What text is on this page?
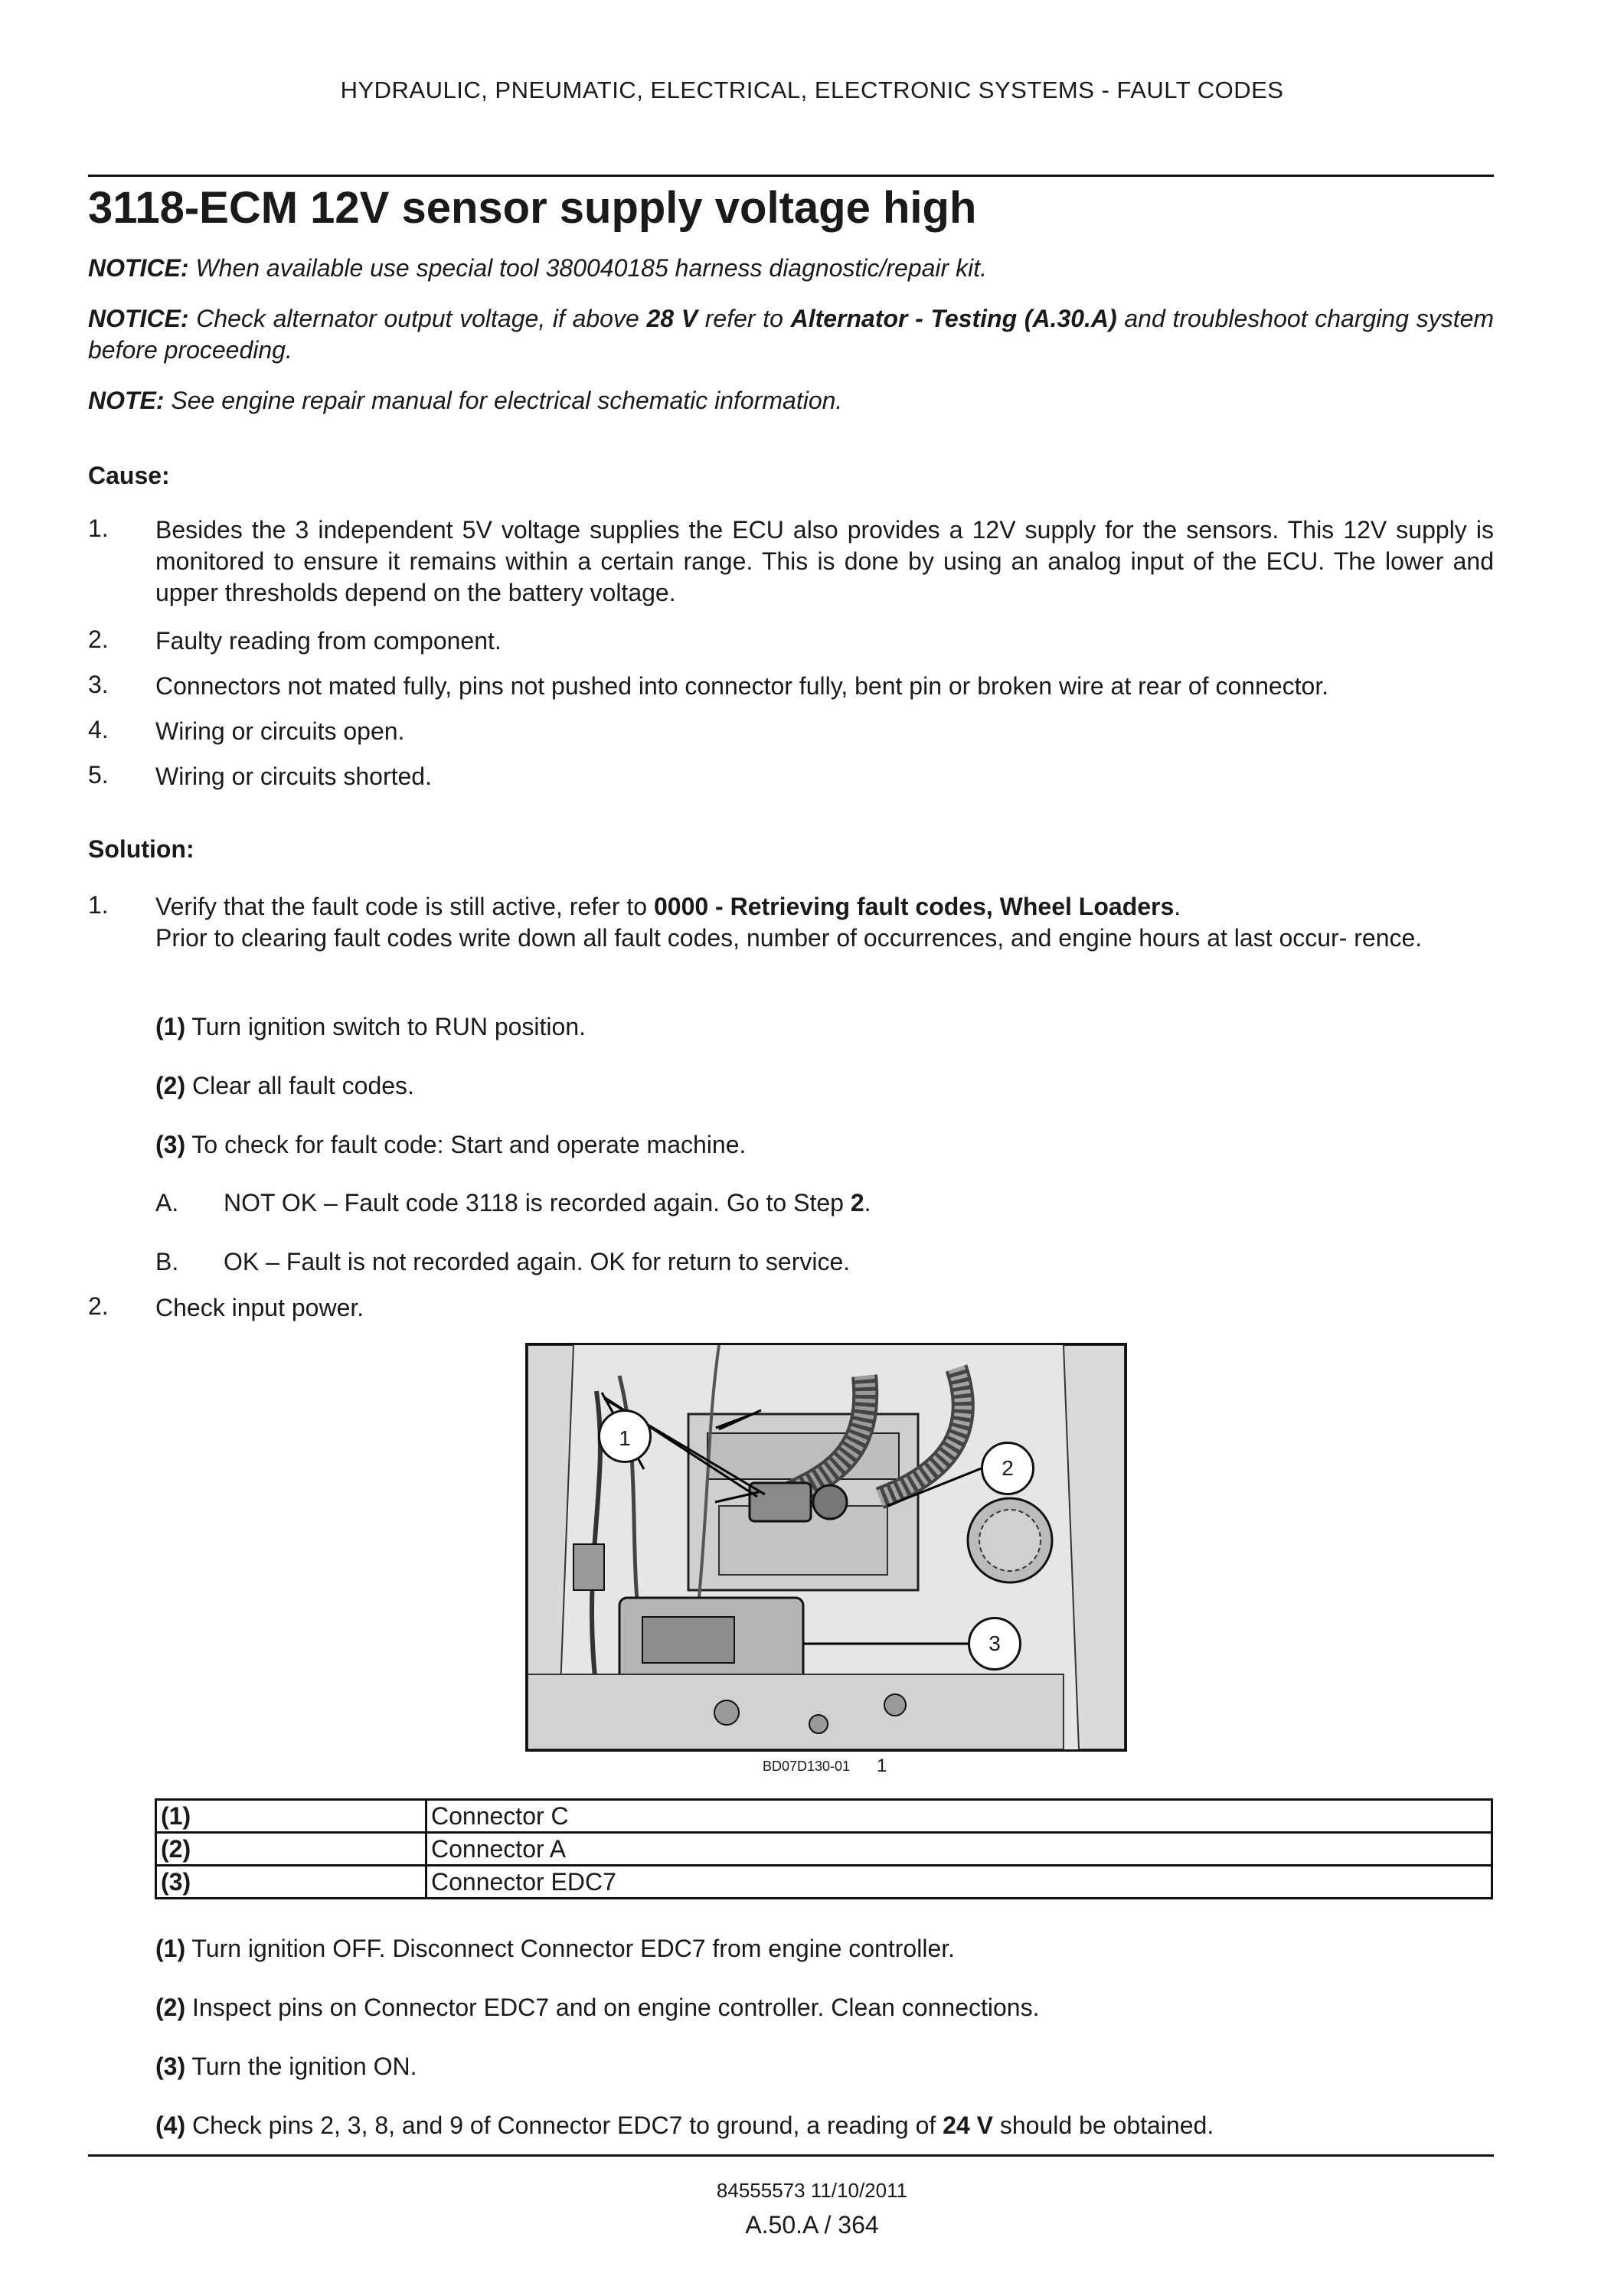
HYDRAULIC, PNEUMATIC, ELECTRICAL, ELECTRONIC SYSTEMS - FAULT CODES
3118-ECM 12V sensor supply voltage high
NOTICE: When available use special tool 380040185 harness diagnostic/repair kit.
NOTICE: Check alternator output voltage, if above 28 V refer to Alternator - Testing (A.30.A) and troubleshoot charging system before proceeding.
NOTE: See engine repair manual for electrical schematic information.
Cause:
1. Besides the 3 independent 5V voltage supplies the ECU also provides a 12V supply for the sensors. This 12V supply is monitored to ensure it remains within a certain range. This is done by using an analog input of the ECU. The lower and upper thresholds depend on the battery voltage.
2. Faulty reading from component.
3. Connectors not mated fully, pins not pushed into connector fully, bent pin or broken wire at rear of connector.
4. Wiring or circuits open.
5. Wiring or circuits shorted.
Solution:
1. Verify that the fault code is still active, refer to 0000 - Retrieving fault codes, Wheel Loaders.
Prior to clearing fault codes write down all fault codes, number of occurrences, and engine hours at last occur- rence.
(1) Turn ignition switch to RUN position.
(2) Clear all fault codes.
(3) To check for fault code: Start and operate machine.
A. NOT OK – Fault code 3118 is recorded again. Go to Step 2.
B. OK – Fault is not recorded again. OK for return to service.
2. Check input power.
1
2
3
BD07D130-01 1
(1)	Connector C
(2)	Connector A
(3)	Connector EDC7
(1) Turn ignition OFF. Disconnect Connector EDC7 from engine controller.
(2) Inspect pins on Connector EDC7 and on engine controller. Clean connections.
(3) Turn the ignition ON.
(4) Check pins 2, 3, 8, and 9 of Connector EDC7 to ground, a reading of 24 V should be obtained.
84555573 11/10/2011
A.50.A / 364
